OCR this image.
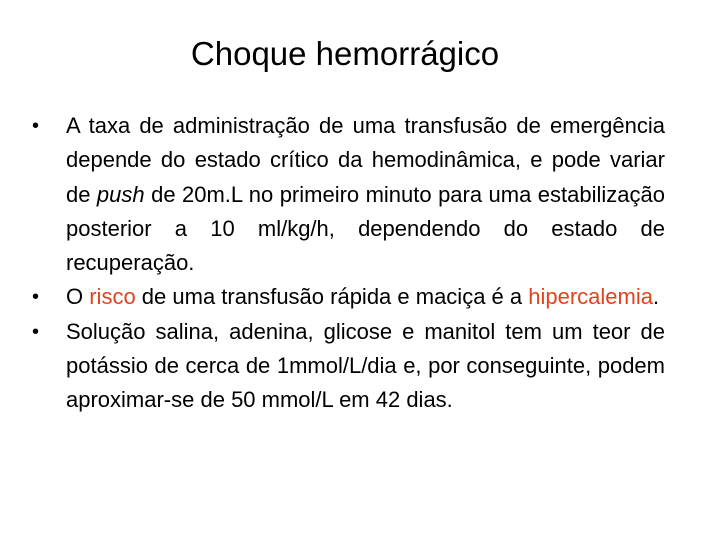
Choque hemorrágico
•	A taxa de administração de uma transfusão de emergência depende do estado crítico da hemodinâmica, e pode variar de push de 20m.L no primeiro minuto para uma estabilização posterior a 10 ml/kg/h, dependendo do estado de recuperação.
•	O risco de uma transfusão rápida e maciça é a hipercalemia.
•	Solução salina, adenina, glicose e manitol tem um teor de potássio de cerca de 1mmol/L/dia e, por conseguinte, podem aproximar-se de 50 mmol/L em 42 dias.
